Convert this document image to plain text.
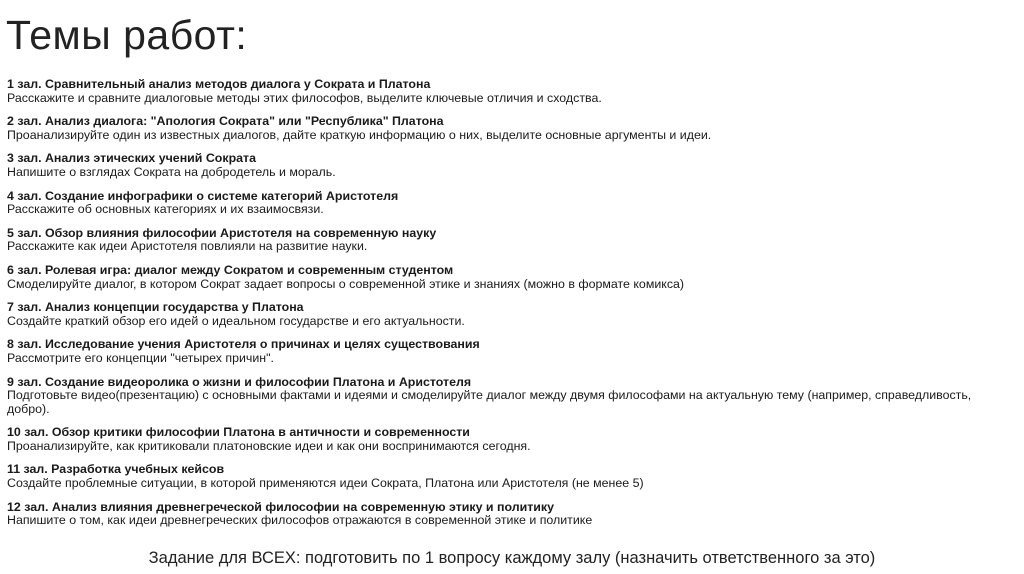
Темы работ:
1 зал. Сравнительный анализ методов диалога у Сократа и Платона
Расскажите и сравните диалоговые методы этих философов, выделите ключевые отличия и сходства.
2 зал. Анализ диалога: "Апология Сократа" или "Республика" Платона
Проанализируйте один из известных диалогов, дайте краткую информацию о них, выделите основные аргументы и идеи.
3 зал. Анализ этических учений Сократа
Напишите о взглядах Сократа на добродетель и мораль.
4 зал. Создание инфографики о системе категорий Аристотеля
Расскажите об основных категориях и их взаимосвязи.
5 зал. Обзор влияния философии Аристотеля на современную науку
Расскажите как идеи Аристотеля повлияли на развитие науки.
6 зал. Ролевая игра: диалог между Сократом и современным студентом
Смоделируйте диалог, в котором Сократ задает вопросы о современной этике и знаниях (можно в формате комикса)
7 зал. Анализ концепции государства у Платона
Создайте краткий обзор его идей о идеальном государстве и его актуальности.
8 зал. Исследование учения Аристотеля о причинах и целях существования
Рассмотрите его концепции "четырех причин".
9 зал. Создание видеоролика о жизни и философии Платона и Аристотеля
Подготовьте видео(презентацию) с основными фактами и идеями и смоделируйте диалог между двумя философами на актуальную тему (например, справедливость, добро).
10 зал. Обзор критики философии Платона в античности и современности
Проанализируйте, как критиковали платоновские идеи и как они воспринимаются сегодня.
11 зал. Разработка учебных кейсов
Создайте проблемные ситуации, в которой применяются идеи Сократа, Платона или Аристотеля (не менее 5)
12 зал. Анализ влияния древнегреческой философии на современную этику и политику
Напишите о том, как идеи древнегреческих философов отражаются в современной этике и политике
Задание для ВСЕХ: подготовить по 1 вопросу каждому залу (назначить ответственного за это)
